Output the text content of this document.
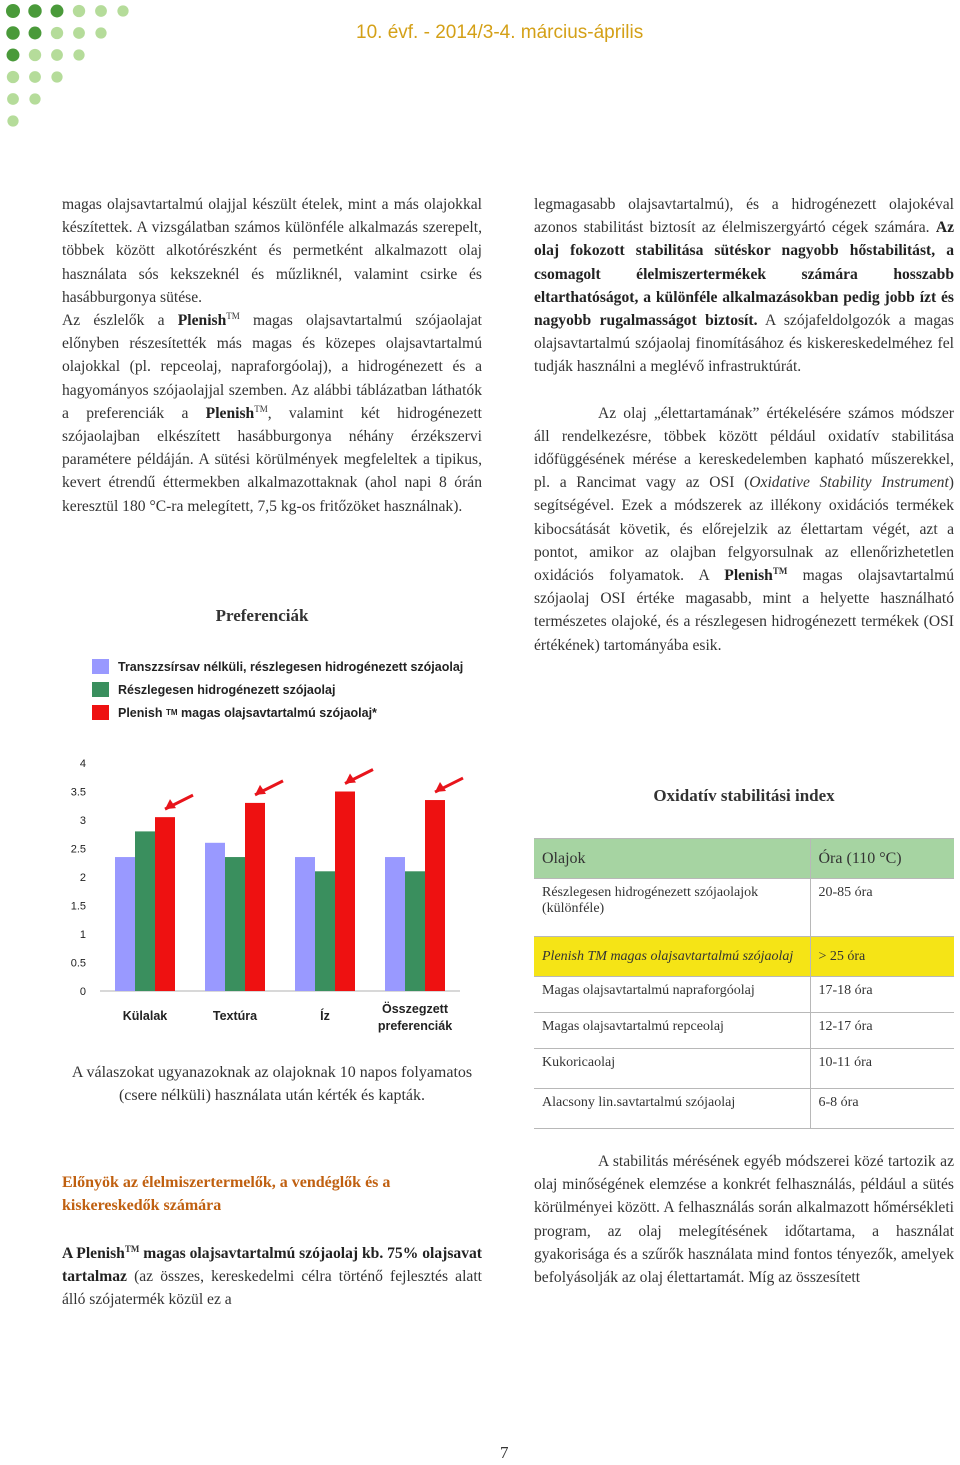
10. évf. - 2014/3-4. március-április

magas olajsavtartalmú olajjal készült ételek, mint a más olajokkal készítettek. A vizsgálatban számos különféle alkalmazás szerepelt, többek között alkotórészként és permetként alkalmazott olaj használata sós kekszeknél és műzliknél, valamint csirke és hasábburgonya sütése.

Az észlelők a Plenish™ magas olajsavtartalmú szójaolajat előnyben részesítették más magas és közepes olajsavtartalmú olajokkal (pl. repceolaj, napraforgóolaj), a hidrogénezett és a hagyományos szójaolajjal szemben. Az alábbi táblázatban láthatók a preferenciák a Plenish™, valamint két hidrogénezett szójaolajban elkészített hasábburgonya néhány érzékszervi paramétere példáján. A sütési körülmények megfeleltek a tipikus, kevert étrendű éttermekben alkalmazottaknak (ahol napi 8 órán keresztül 180 °C-ra melegített, 7,5 kg-os fritőzöket használnak).

Preferenciák
Transzzsírsav nélküli, részlegesen hidrogénezett szójaolaj
Részlegesen hidrogénezett szójaolaj
Plenish
TM
magas olajsavtartalmú szójaolaj*
4
3.5
3
2.5
2
1.5
1
0.5
0
Külalak	Textúra	Íz	Összegzett
preferenciák
A válaszokat ugyanazoknak az olajoknak 10 napos folyamatos (csere nélküli) használata után kérték és kapták.
Előnyök az élelmiszertermelők, a vendéglők és a kiskereskedők számára
A Plenish™ magas olajsavtartalmú szójaolaj kb. 75% olajsavat tartalmaz (az összes, kereskedelmi célra történő fejlesztés alatt álló szójatermék közül ez a

legmagasabb olajsavtartalmú), és a hidrogénezett olajokéval azonos stabilitást biztosít az élelmiszergyártó cégek számára. Az olaj fokozott stabilitása sütéskor nagyobb hőstabilitást, a csomagolt élelmiszertermékek számára hosszabb eltarthatóságot, a különféle alkalmazásokban pedig jobb ízt és nagyobb rugalmasságot biztosít. A szójafeldolgozók a magas olajsavtartalmú szójaolaj finomításához és kiskereskedelméhez fel tudják használni a meglévő infrastruktúrát.

Az olaj „élettartamának” értékelésére számos módszer áll rendelkezésre, többek között például oxidatív stabilitása időfüggésének mérése a kereskedelemben kapható műszerekkel, pl. a Rancimat vagy az OSI (Oxidative Stability Instrument) segítségével. Ezek a módszerek az illékony oxidációs termékek kibocsátását követik, és előrejelzik az élettartam végét, azt a pontot, amikor az olajban felgyorsulnak az ellenőrizhetetlen oxidációs folyamatok. A Plenish™ magas olajsavtartalmú szójaolaj OSI értéke magasabb, mint a helyette használható természetes olajoké, és a részlegesen hidrogénezett termékek (OSI értékének) tartományába esik.

Oxidatív stabilitási index
Olajok	Óra (110 °C)
Részlegesen hidrogénezett szójaolajok (különféle)	20-85 óra
Plenish TM magas olajsavtartalmú szójaolaj	> 25 óra
Magas olajsavtartalmú napraforgóolaj	17-18 óra
Magas olajsavtartalmú repceolaj	12-17 óra
Kukoricaolaj	10-11 óra
Alacsony lin.savtartalmú szójaolaj	6-8 óra

A stabilitás mérésének egyéb módszerei közé tartozik az olaj minőségének elemzése a konkrét felhasználás, például a sütés körülményei között. A felhasználás során alkalmazott hőmérsékleti program, az olaj melegítésének időtartama, a használat gyakorisága és a szűrők használata mind fontos tényezők, amelyek befolyásolják az olaj élettartamát. Míg az összesített

7
